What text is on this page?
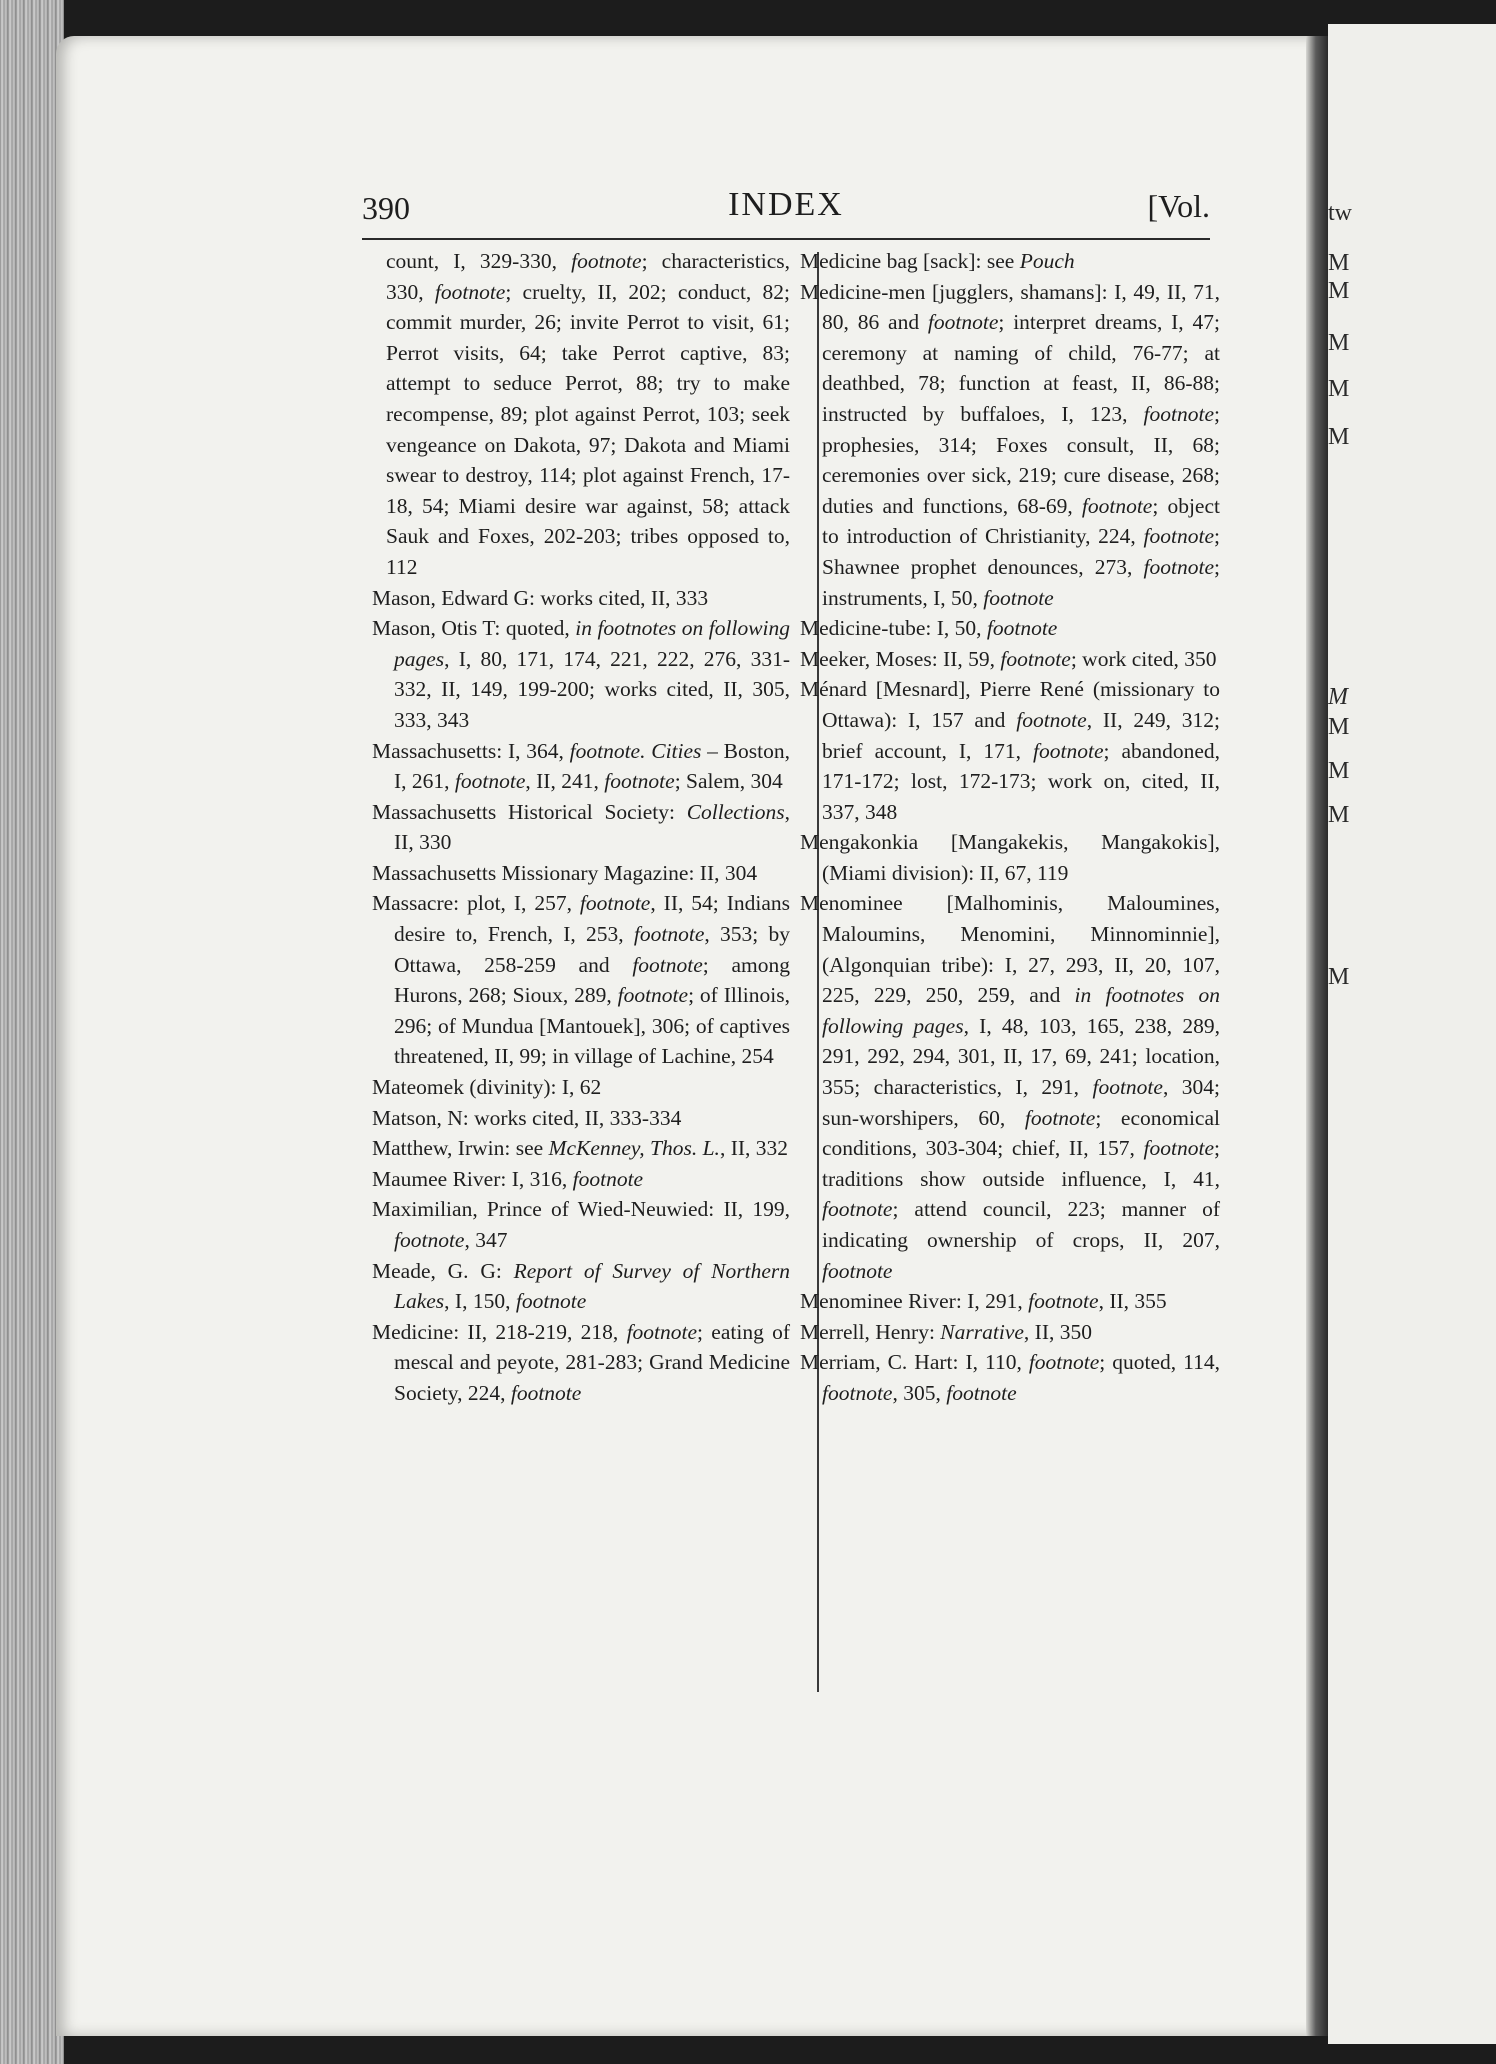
tw
M
M
M
M
M
M
M
M
M
M
390	INDEX	[Vol.

count, I, 329-330, footnote; characteristics, 330, footnote; cruelty, II, 202; conduct, 82; commit murder, 26; invite Perrot to visit, 61; Perrot visits, 64; take Perrot captive, 83; attempt to seduce Perrot, 88; try to make recompense, 89; plot against Perrot, 103; seek vengeance on Dakota, 97; Dakota and Miami swear to destroy, 114; plot against French, 17-18, 54; Miami desire war against, 58; attack Sauk and Foxes, 202-203; tribes opposed to, 112

Mason, Edward G: works cited, II, 333

Mason, Otis T: quoted, in footnotes on following pages, I, 80, 171, 174, 221, 222, 276, 331-332, II, 149, 199-200; works cited, II, 305, 333, 343

Massachusetts: I, 364, footnote. Cities – Boston, I, 261, footnote, II, 241, footnote; Salem, 304

Massachusetts Historical Society: Collections, II, 330

Massachusetts Missionary Magazine: II, 304

Massacre: plot, I, 257, footnote, II, 54; Indians desire to, French, I, 253, footnote, 353; by Ottawa, 258-259 and footnote; among Hurons, 268; Sioux, 289, footnote; of Illinois, 296; of Mundua [Mantouek], 306; of captives threatened, II, 99; in village of Lachine, 254

Mateomek (divinity): I, 62

Matson, N: works cited, II, 333-334

Matthew, Irwin: see McKenney, Thos. L., II, 332

Maumee River: I, 316, footnote

Maximilian, Prince of Wied-Neuwied: II, 199, footnote, 347

Meade, G. G: Report of Survey of Northern Lakes, I, 150, footnote

Medicine: II, 218-219, 218, footnote; eating of mescal and peyote, 281-283; Grand Medicine Society, 224, footnote

Medicine bag [sack]: see Pouch

Medicine-men [jugglers, shamans]: I, 49, II, 71, 80, 86 and footnote; interpret dreams, I, 47; ceremony at naming of child, 76-77; at deathbed, 78; function at feast, II, 86-88; instructed by buffaloes, I, 123, footnote; prophesies, 314; Foxes consult, II, 68; ceremonies over sick, 219; cure disease, 268; duties and functions, 68-69, footnote; object to introduction of Christianity, 224, footnote; Shawnee prophet denounces, 273, footnote; instruments, I, 50, footnote

Medicine-tube: I, 50, footnote

Meeker, Moses: II, 59, footnote; work cited, 350

Ménard [Mesnard], Pierre René (missionary to Ottawa): I, 157 and footnote, II, 249, 312; brief account, I, 171, footnote; abandoned, 171-172; lost, 172-173; work on, cited, II, 337, 348

Mengakonkia [Mangakekis, Mangakokis], (Miami division): II, 67, 119

Menominee [Malhominis, Maloumines, Maloumins, Menomini, Minnominnie], (Algonquian tribe): I, 27, 293, II, 20, 107, 225, 229, 250, 259, and in footnotes on following pages, I, 48, 103, 165, 238, 289, 291, 292, 294, 301, II, 17, 69, 241; location, 355; characteristics, I, 291, footnote, 304; sun-worshipers, 60, footnote; economical conditions, 303-304; chief, II, 157, footnote; traditions show outside influence, I, 41, footnote; attend council, 223; manner of indicating ownership of crops, II, 207, footnote

Menominee River: I, 291, footnote, II, 355

Merrell, Henry: Narrative, II, 350

Merriam, C. Hart: I, 110, footnote; quoted, 114, footnote, 305, footnote
